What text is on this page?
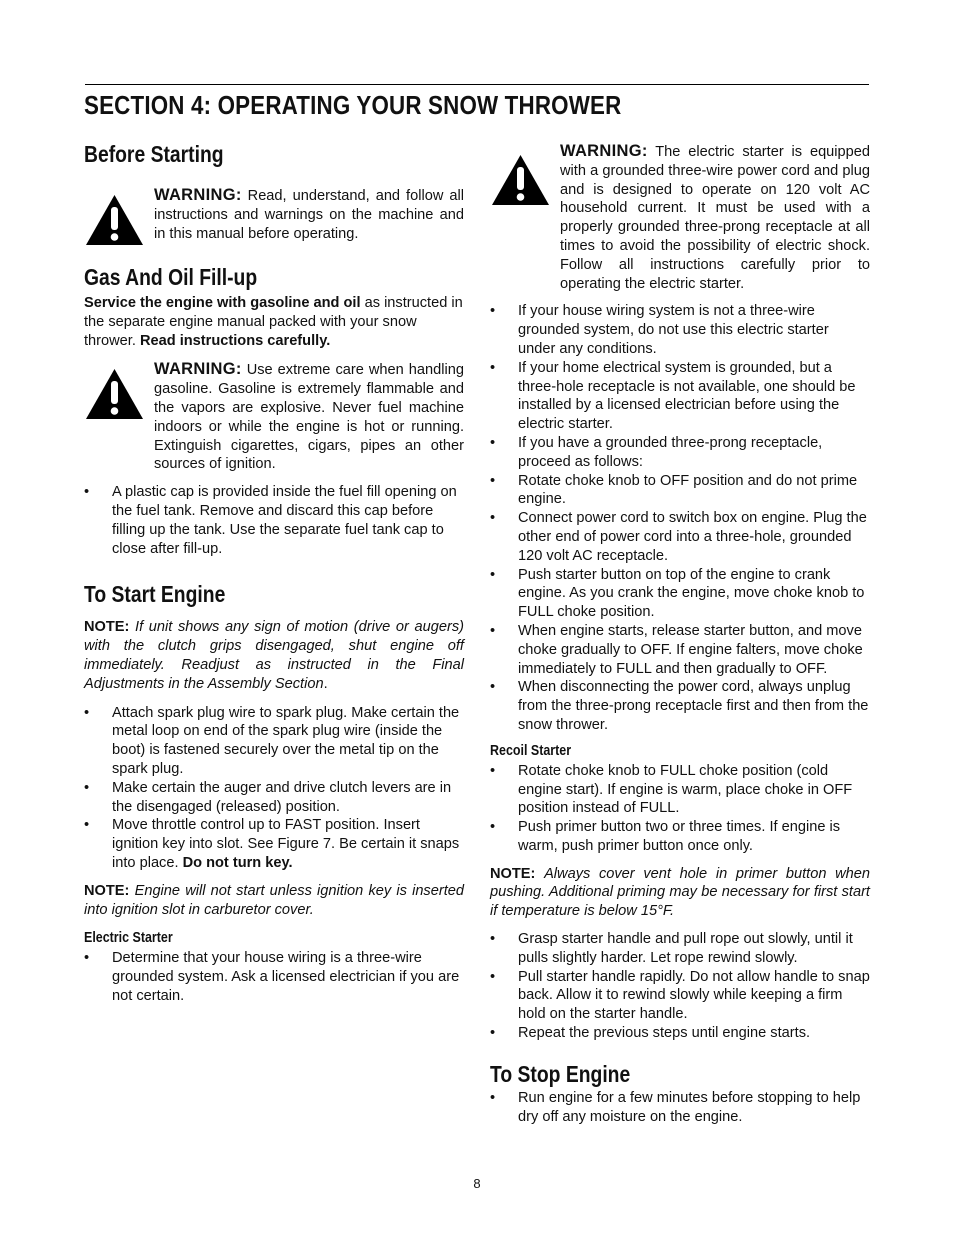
SECTION 4: OPERATING YOUR SNOW THROWER
Before Starting

WARNING: Read, understand, and follow all instructions and warnings on the machine and in this manual before operating.

Gas And Oil Fill-up

Service the engine with gasoline and oil as instructed in the separate engine manual packed with your snow thrower. Read instructions carefully.

WARNING: Use extreme care when handling gasoline. Gasoline is extremely flammable and the vapors are explosive. Never fuel machine indoors or while the engine is hot or running. Extinguish cigarettes, cigars, pipes an other sources of ignition.

• A plastic cap is provided inside the fuel fill opening on the fuel tank. Remove and discard this cap before filling up the tank. Use the separate fuel tank cap to close after fill-up.
To Start Engine

NOTE: If unit shows any sign of motion (drive or augers) with the clutch grips disengaged, shut engine off immediately. Readjust as instructed in the Final Adjustments in the Assembly Section.

• Attach spark plug wire to spark plug. Make certain the metal loop on end of the spark plug wire (inside the boot) is fastened securely over the metal tip on the spark plug.
• Make certain the auger and drive clutch levers are in the disengaged (released) position.
• Move throttle control up to FAST position. Insert ignition key into slot. See Figure 7. Be certain it snaps into place. Do not turn key.

NOTE: Engine will not start unless ignition key is inserted into ignition slot in carburetor cover.

Electric Starter
• Determine that your house wiring is a three-wire grounded system. Ask a licensed electrician if you are not certain.

WARNING: The electric starter is equipped with a grounded three-wire power cord and plug and is designed to operate on 120 volt AC household current. It must be used with a properly grounded three-prong receptacle at all times to avoid the possibility of electric shock. Follow all instructions carefully prior to operating the electric starter.

• If your house wiring system is not a three-wire grounded system, do not use this electric starter under any conditions.
• If your home electrical system is grounded, but a three-hole receptacle is not available, one should be installed by a licensed electrician before using the electric starter.
• If you have a grounded three-prong receptacle, proceed as follows:
• Rotate choke knob to OFF position and do not prime engine.
• Connect power cord to switch box on engine. Plug the other end of power cord into a three-hole, grounded 120 volt AC receptacle.
• Push starter button on top of the engine to crank engine. As you crank the engine, move choke knob to FULL choke position.
• When engine starts, release starter button, and move choke gradually to OFF. If engine falters, move choke immediately to FULL and then gradually to OFF.
• When disconnecting the power cord, always unplug from the three-prong receptacle first and then from the snow thrower.
Recoil Starter
• Rotate choke knob to FULL choke position (cold engine start). If engine is warm, place choke in OFF position instead of FULL.
• Push primer button two or three times. If engine is warm, push primer button once only.

NOTE: Always cover vent hole in primer button when pushing. Additional priming may be necessary for first start if temperature is below 15°F.

• Grasp starter handle and pull rope out slowly, until it pulls slightly harder. Let rope rewind slowly.
• Pull starter handle rapidly. Do not allow handle to snap back. Allow it to rewind slowly while keeping a firm hold on the starter handle.
• Repeat the previous steps until engine starts.
To Stop Engine
• Run engine for a few minutes before stopping to help dry off any moisture on the engine.
8
